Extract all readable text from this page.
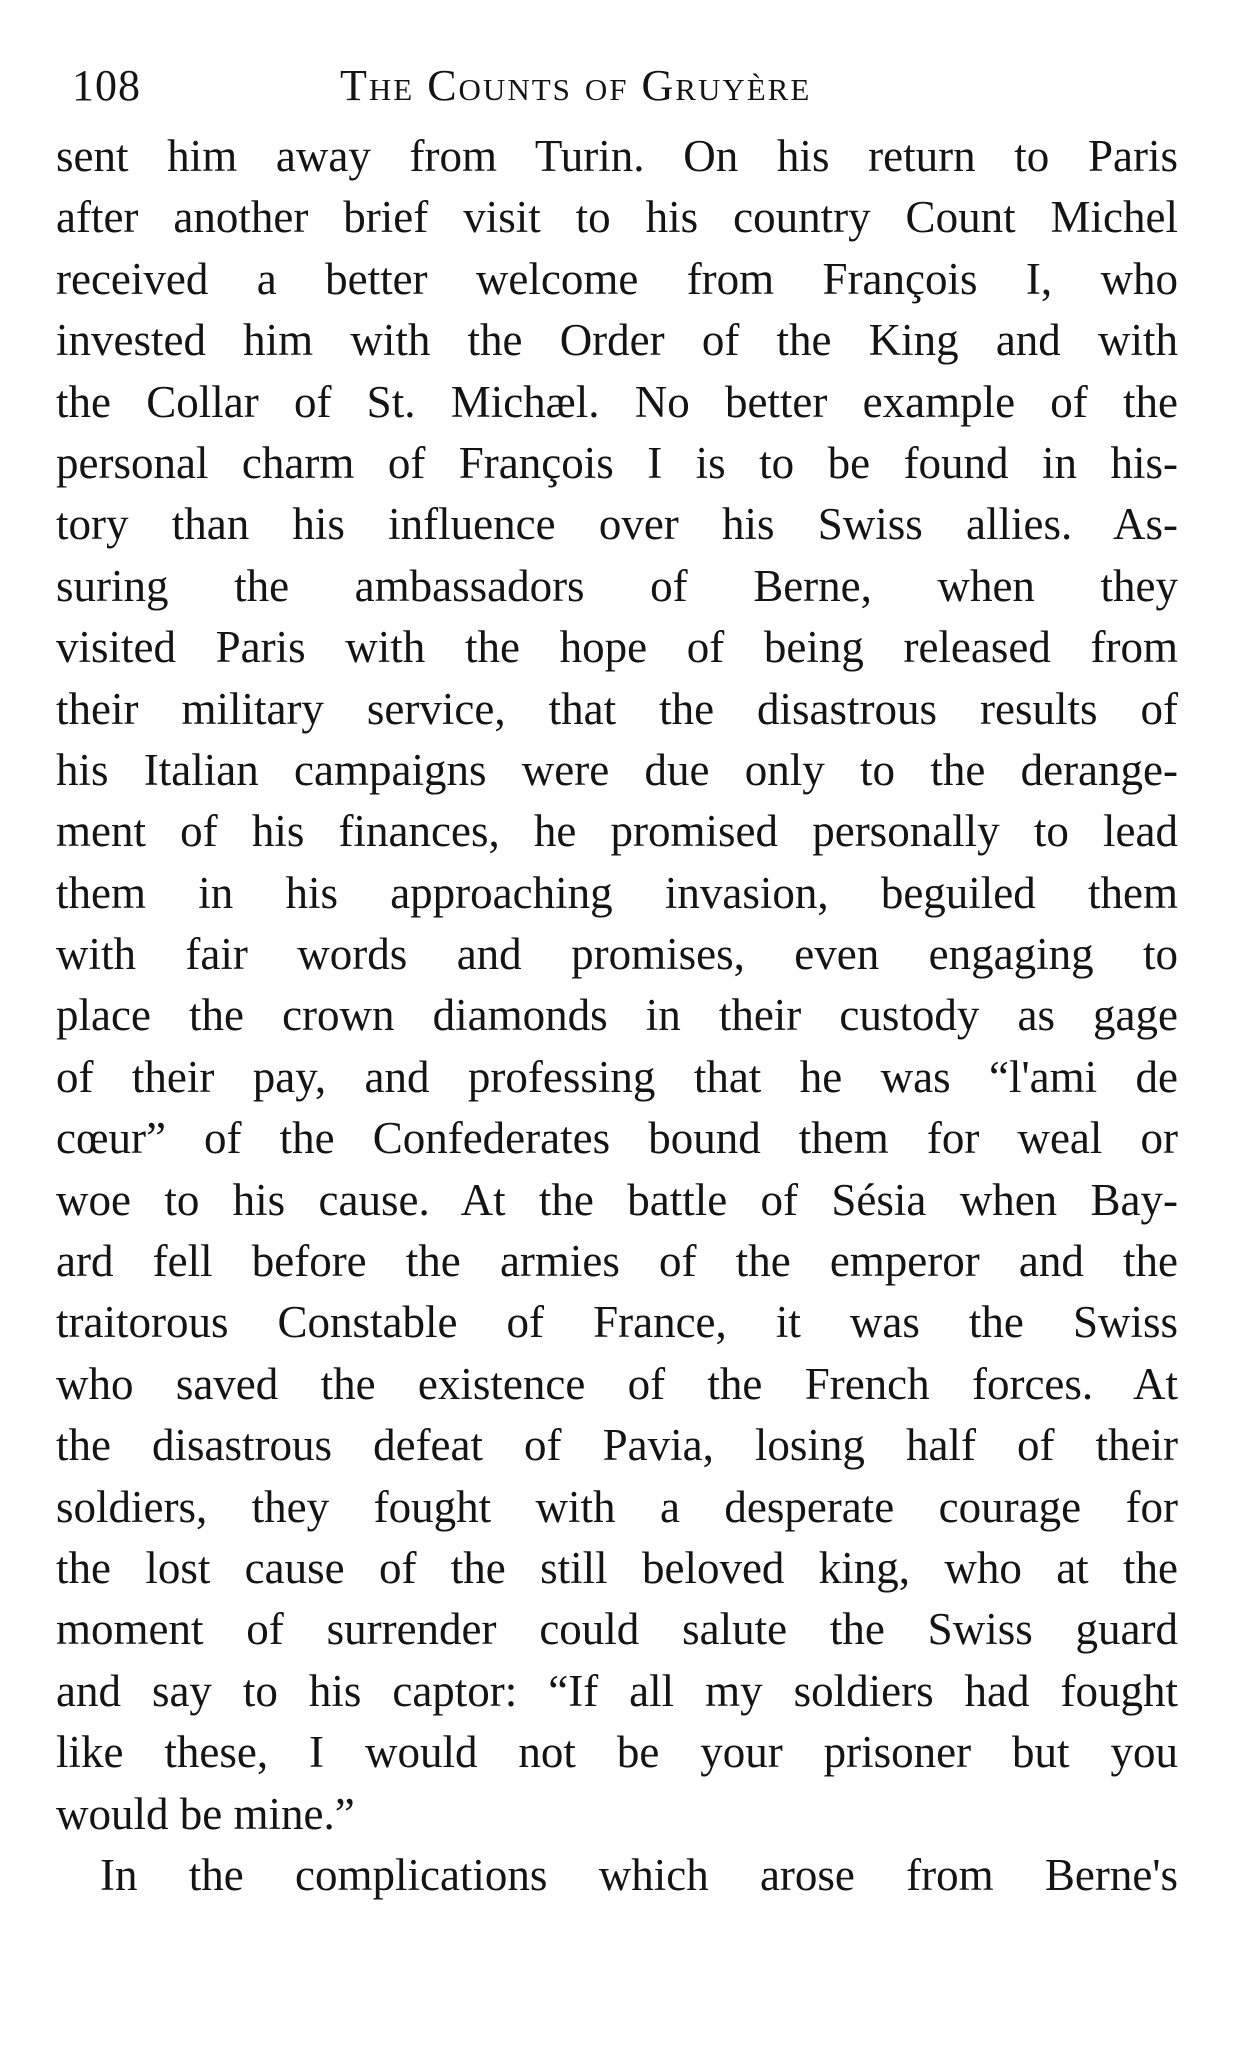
108	The Counts of Gruyère
sent him away from Turin. On his return to Paris
after another brief visit to his country Count Michel
received a better welcome from François I, who
invested him with the Order of the King and with
the Collar of St. Michæl. No better example of the
personal charm of François I is to be found in his-
tory than his influence over his Swiss allies. As-
suring the ambassadors of Berne, when they
visited Paris with the hope of being released from
their military service, that the disastrous results of
his Italian campaigns were due only to the derange-
ment of his finances, he promised personally to lead
them in his approaching invasion, beguiled them
with fair words and promises, even engaging to
place the crown diamonds in their custody as gage
of their pay, and professing that he was “l'ami de
cœur” of the Confederates bound them for weal or
woe to his cause. At the battle of Sésia when Bay-
ard fell before the armies of the emperor and the
traitorous Constable of France, it was the Swiss
who saved the existence of the French forces. At
the disastrous defeat of Pavia, losing half of their
soldiers, they fought with a desperate courage for
the lost cause of the still beloved king, who at the
moment of surrender could salute the Swiss guard
and say to his captor: “If all my soldiers had fought
like these, I would not be your prisoner but you
would be mine.”
In the complications which arose from Berne's
